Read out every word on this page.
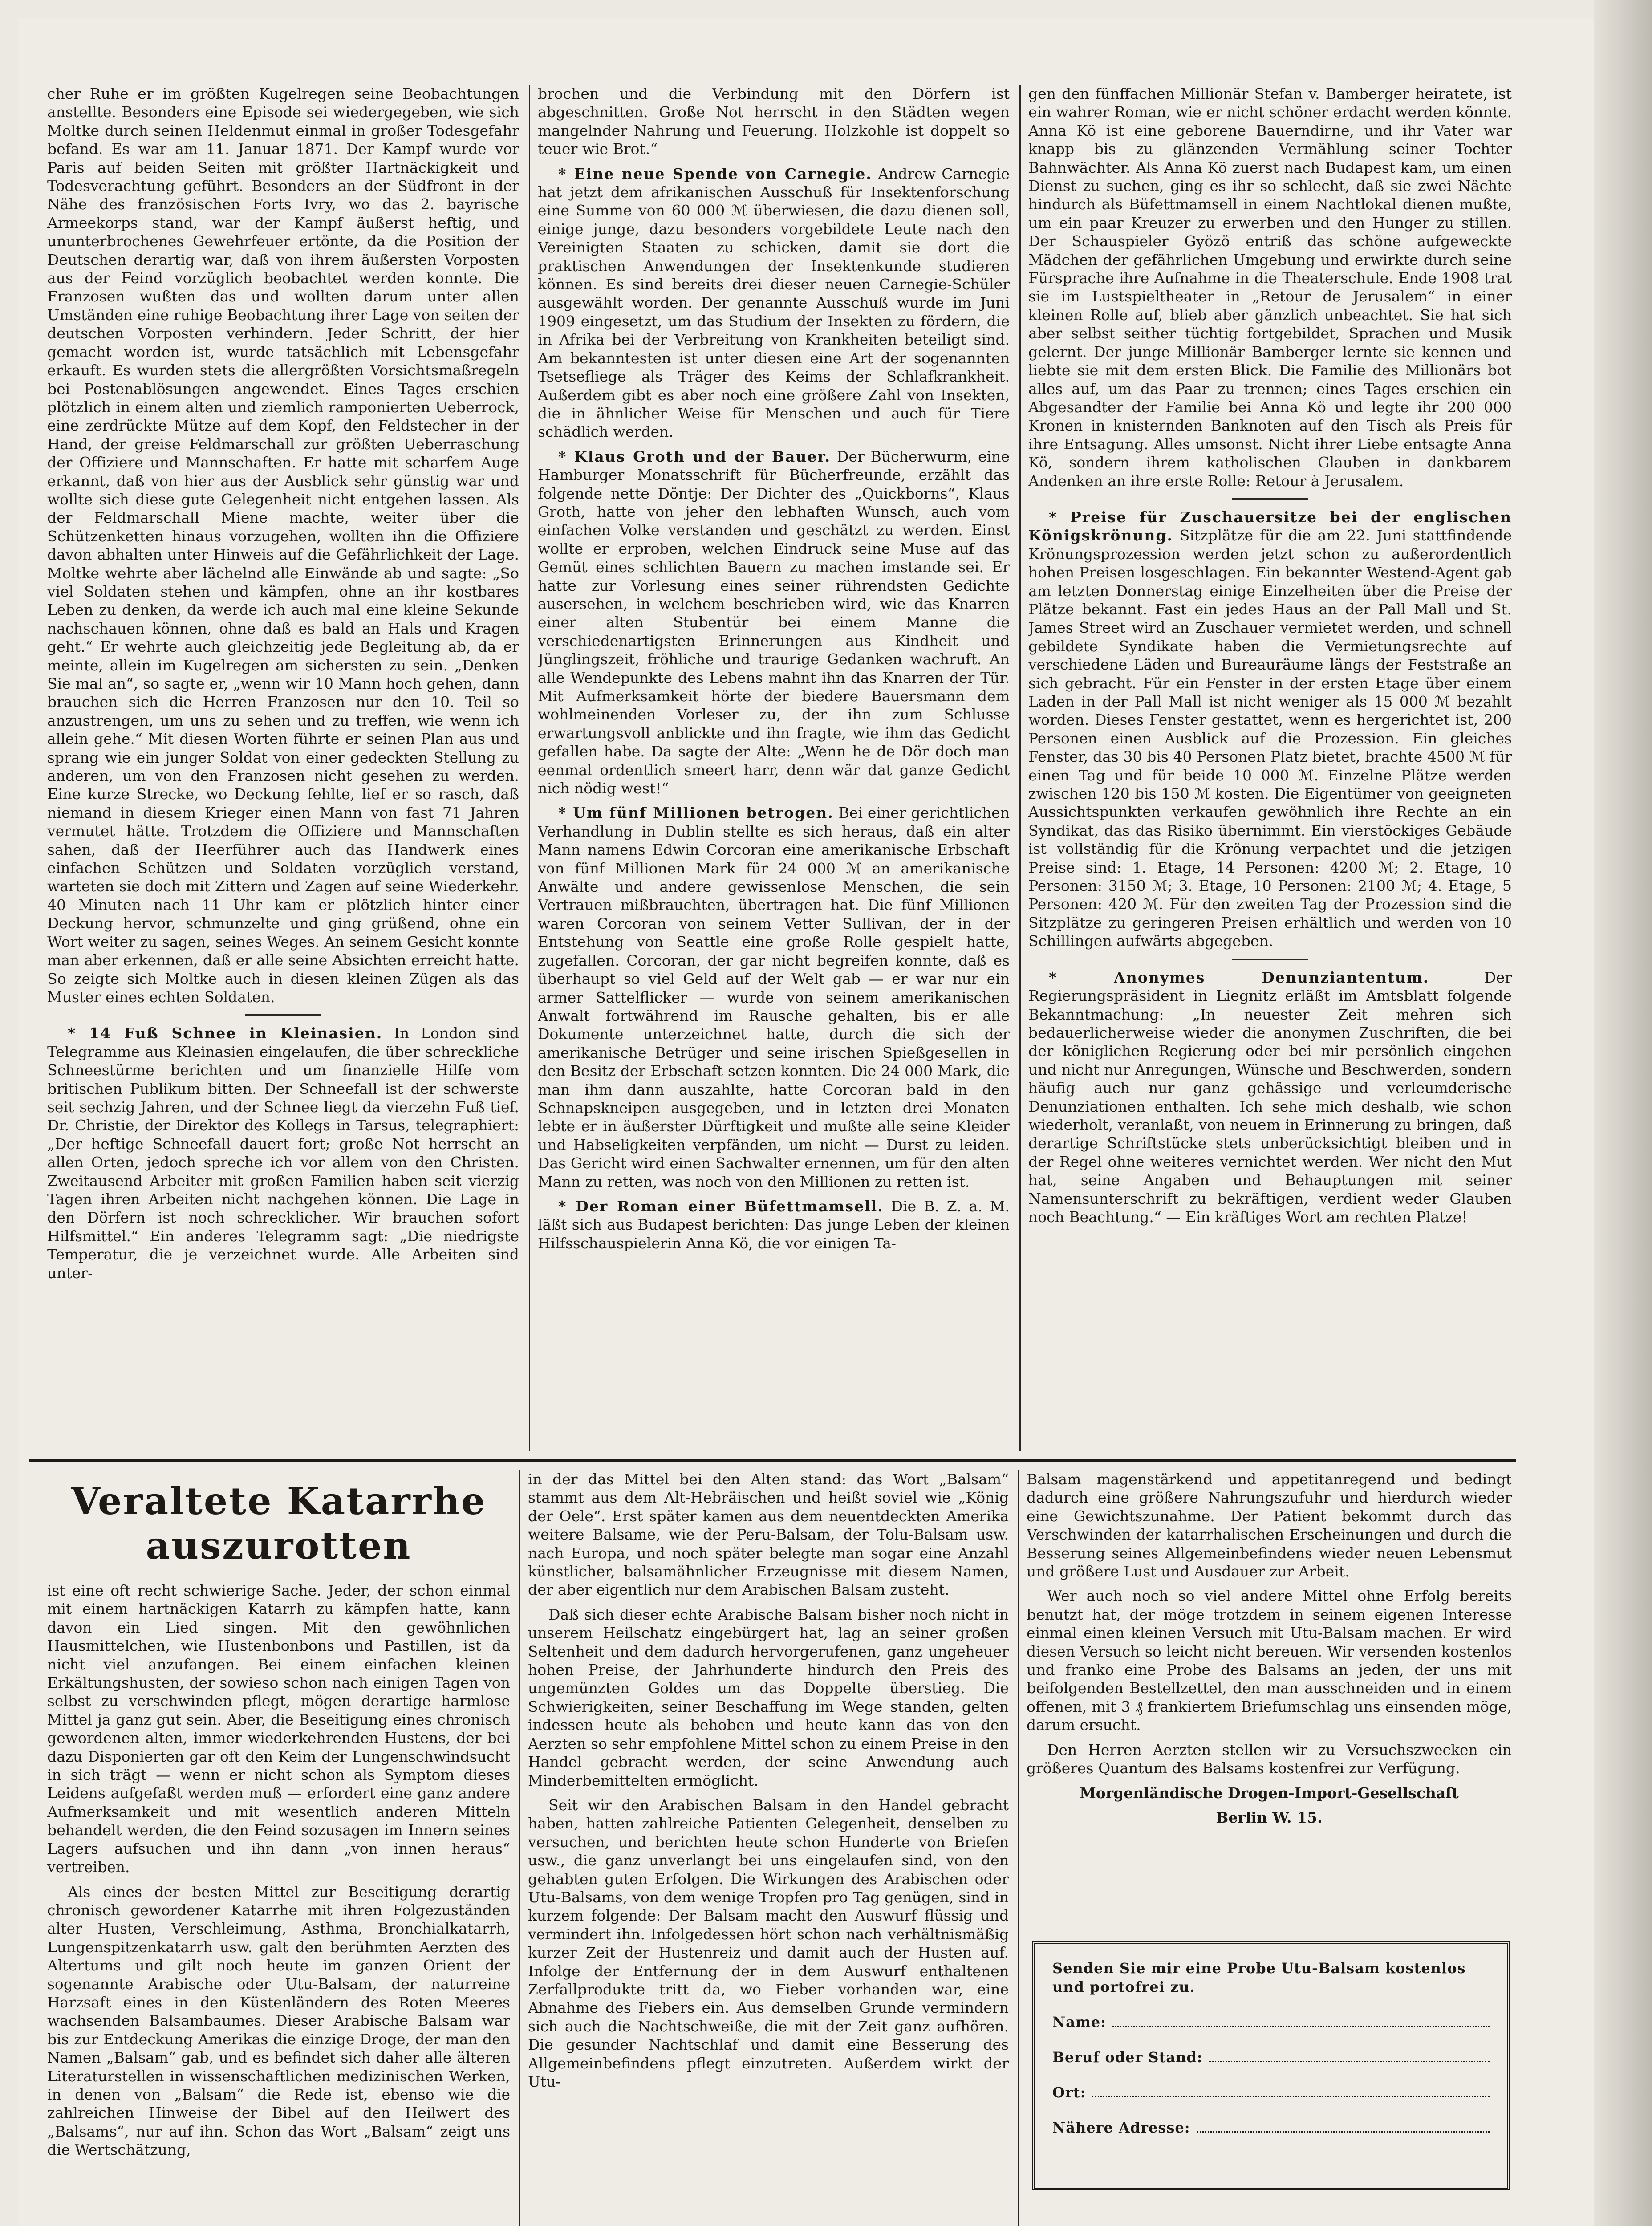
cher Ruhe er im größten Kugelregen seine Beobachtungen anstellte. Besonders eine Episode sei wiedergegeben, wie sich Moltke durch seinen Heldenmut einmal in großer Todesgefahr befand. Es war am 11. Januar 1871. Der Kampf wurde vor Paris auf beiden Seiten mit größter Hartnäckigkeit und Todesverachtung geführt. Besonders an der Südfront in der Nähe des französischen Forts Ivry, wo das 2. bayrische Armeekorps stand, war der Kampf äußerst heftig, und ununterbrochenes Gewehrfeuer ertönte, da die Position der Deutschen derartig war, daß von ihrem äußersten Vorposten aus der Feind vorzüglich beobachtet werden konnte. Die Franzosen wußten das und wollten darum unter allen Umständen eine ruhige Beobachtung ihrer Lage von seiten der deutschen Vorposten verhindern. Jeder Schritt, der hier gemacht worden ist, wurde tatsächlich mit Lebensgefahr erkauft. Es wurden stets die allergrößten Vorsichtsmaßregeln bei Postenablösungen angewendet. Eines Tages erschien plötzlich in einem alten und ziemlich ramponierten Ueberrock, eine zerdrückte Mütze auf dem Kopf, den Feldstecher in der Hand, der greise Feldmarschall zur größten Ueberraschung der Offiziere und Mannschaften. Er hatte mit scharfem Auge erkannt, daß von hier aus der Ausblick sehr günstig war und wollte sich diese gute Gelegenheit nicht entgehen lassen. Als der Feldmarschall Miene machte, weiter über die Schützenketten hinaus vorzugehen, wollten ihn die Offiziere davon abhalten unter Hinweis auf die Gefährlichkeit der Lage. Moltke wehrte aber lächelnd alle Einwände ab und sagte: „So viel Soldaten stehen und kämpfen, ohne an ihr kostbares Leben zu denken, da werde ich auch mal eine kleine Sekunde nachschauen können, ohne daß es bald an Hals und Kragen geht.“ Er wehrte auch gleichzeitig jede Begleitung ab, da er meinte, allein im Kugelregen am sichersten zu sein. „Denken Sie mal an“, so sagte er, „wenn wir 10 Mann hoch gehen, dann brauchen sich die Herren Franzosen nur den 10. Teil so anzustrengen, um uns zu sehen und zu treffen, wie wenn ich allein gehe.“ Mit diesen Worten führte er seinen Plan aus und sprang wie ein junger Soldat von einer gedeckten Stellung zu anderen, um von den Franzosen nicht gesehen zu werden. Eine kurze Strecke, wo Deckung fehlte, lief er so rasch, daß niemand in diesem Krieger einen Mann von fast 71 Jahren vermutet hätte. Trotzdem die Offiziere und Mannschaften sahen, daß der Heerführer auch das Handwerk eines einfachen Schützen und Soldaten vorzüglich verstand, warteten sie doch mit Zittern und Zagen auf seine Wiederkehr. 40 Minuten nach 11 Uhr kam er plötzlich hinter einer Deckung hervor, schmunzelte und ging grüßend, ohne ein Wort weiter zu sagen, seines Weges. An seinem Gesicht konnte man aber erkennen, daß er alle seine Absichten erreicht hatte. So zeigte sich Moltke auch in diesen kleinen Zügen als das Muster eines echten Soldaten.

* 14 Fuß Schnee in Kleinasien. In London sind Telegramme aus Kleinasien eingelaufen, die über schreckliche Schneestürme berichten und um finanzielle Hilfe vom britischen Publikum bitten. Der Schneefall ist der schwerste seit sechzig Jahren, und der Schnee liegt da vierzehn Fuß tief. Dr. Christie, der Direktor des Kollegs in Tarsus, telegraphiert: „Der heftige Schneefall dauert fort; große Not herrscht an allen Orten, jedoch spreche ich vor allem von den Christen. Zweitausend Arbeiter mit großen Familien haben seit vierzig Tagen ihren Arbeiten nicht nachgehen können. Die Lage in den Dörfern ist noch schrecklicher. Wir brauchen sofort Hilfsmittel.“ Ein anderes Telegramm sagt: „Die niedrigste Temperatur, die je verzeichnet wurde. Alle Arbeiten sind unter-

brochen und die Verbindung mit den Dörfern ist abgeschnitten. Große Not herrscht in den Städten wegen mangelnder Nahrung und Feuerung. Holzkohle ist doppelt so teuer wie Brot.“

* Eine neue Spende von Carnegie. Andrew Carnegie hat jetzt dem afrikanischen Ausschuß für Insektenforschung eine Summe von 60 000 ℳ überwiesen, die dazu dienen soll, einige junge, dazu besonders vorgebildete Leute nach den Vereinigten Staaten zu schicken, damit sie dort die praktischen Anwendungen der Insektenkunde studieren können. Es sind bereits drei dieser neuen Carnegie-Schüler ausgewählt worden. Der genannte Ausschuß wurde im Juni 1909 eingesetzt, um das Studium der Insekten zu fördern, die in Afrika bei der Verbreitung von Krankheiten beteiligt sind. Am bekanntesten ist unter diesen eine Art der sogenannten Tsetsefliege als Träger des Keims der Schlafkrankheit. Außerdem gibt es aber noch eine größere Zahl von Insekten, die in ähnlicher Weise für Menschen und auch für Tiere schädlich werden.

* Klaus Groth und der Bauer. Der Bücherwurm, eine Hamburger Monatsschrift für Bücherfreunde, erzählt das folgende nette Döntje: Der Dichter des „Quickborns“, Klaus Groth, hatte von jeher den lebhaften Wunsch, auch vom einfachen Volke verstanden und geschätzt zu werden. Einst wollte er erproben, welchen Eindruck seine Muse auf das Gemüt eines schlichten Bauern zu machen imstande sei. Er hatte zur Vorlesung eines seiner rührendsten Gedichte ausersehen, in welchem beschrieben wird, wie das Knarren einer alten Stubentür bei einem Manne die verschiedenartigsten Erinnerungen aus Kindheit und Jünglingszeit, fröhliche und traurige Gedanken wachruft. An alle Wendepunkte des Lebens mahnt ihn das Knarren der Tür. Mit Aufmerksamkeit hörte der biedere Bauersmann dem wohlmeinenden Vorleser zu, der ihn zum Schlusse erwartungsvoll anblickte und ihn fragte, wie ihm das Gedicht gefallen habe. Da sagte der Alte: „Wenn he de Dör doch man eenmal ordentlich smeert harr, denn wär dat ganze Gedicht nich nödig west!“

* Um fünf Millionen betrogen. Bei einer gerichtlichen Verhandlung in Dublin stellte es sich heraus, daß ein alter Mann namens Edwin Corcoran eine amerikanische Erbschaft von fünf Millionen Mark für 24 000 ℳ an amerikanische Anwälte und andere gewissenlose Menschen, die sein Vertrauen mißbrauchten, übertragen hat. Die fünf Millionen waren Corcoran von seinem Vetter Sullivan, der in der Entstehung von Seattle eine große Rolle gespielt hatte, zugefallen. Corcoran, der gar nicht begreifen konnte, daß es überhaupt so viel Geld auf der Welt gab — er war nur ein armer Sattelflicker — wurde von seinem amerikanischen Anwalt fortwährend im Rausche gehalten, bis er alle Dokumente unterzeichnet hatte, durch die sich der amerikanische Betrüger und seine irischen Spießgesellen in den Besitz der Erbschaft setzen konnten. Die 24 000 Mark, die man ihm dann auszahlte, hatte Corcoran bald in den Schnapskneipen ausgegeben, und in letzten drei Monaten lebte er in äußerster Dürftigkeit und mußte alle seine Kleider und Habseligkeiten verpfänden, um nicht — Durst zu leiden. Das Gericht wird einen Sachwalter ernennen, um für den alten Mann zu retten, was noch von den Millionen zu retten ist.

* Der Roman einer Büfettmamsell. Die B. Z. a. M. läßt sich aus Budapest berichten: Das junge Leben der kleinen Hilfsschauspielerin Anna Kö, die vor einigen Ta-

gen den fünffachen Millionär Stefan v. Bamberger heiratete, ist ein wahrer Roman, wie er nicht schöner erdacht werden könnte. Anna Kö ist eine geborene Bauerndirne, und ihr Vater war knapp bis zu glänzenden Vermählung seiner Tochter Bahnwächter. Als Anna Kö zuerst nach Budapest kam, um einen Dienst zu suchen, ging es ihr so schlecht, daß sie zwei Nächte hindurch als Büfettmamsell in einem Nachtlokal dienen mußte, um ein paar Kreuzer zu erwerben und den Hunger zu stillen. Der Schauspieler Gyözö entriß das schöne aufgeweckte Mädchen der gefährlichen Umgebung und erwirkte durch seine Fürsprache ihre Aufnahme in die Theaterschule. Ende 1908 trat sie im Lustspieltheater in „Retour de Jerusalem“ in einer kleinen Rolle auf, blieb aber gänzlich unbeachtet. Sie hat sich aber selbst seither tüchtig fortgebildet, Sprachen und Musik gelernt. Der junge Millionär Bamberger lernte sie kennen und liebte sie mit dem ersten Blick. Die Familie des Millionärs bot alles auf, um das Paar zu trennen; eines Tages erschien ein Abgesandter der Familie bei Anna Kö und legte ihr 200 000 Kronen in knisternden Banknoten auf den Tisch als Preis für ihre Entsagung. Alles umsonst. Nicht ihrer Liebe entsagte Anna Kö, sondern ihrem katholischen Glauben in dankbarem Andenken an ihre erste Rolle: Retour à Jerusalem.

* Preise für Zuschauersitze bei der englischen Königskrönung. Sitzplätze für die am 22. Juni stattfindende Krönungsprozession werden jetzt schon zu außerordentlich hohen Preisen losgeschlagen. Ein bekannter Westend-Agent gab am letzten Donnerstag einige Einzelheiten über die Preise der Plätze bekannt. Fast ein jedes Haus an der Pall Mall und St. James Street wird an Zuschauer vermietet werden, und schnell gebildete Syndikate haben die Vermietungsrechte auf verschiedene Läden und Bureauräume längs der Feststraße an sich gebracht. Für ein Fenster in der ersten Etage über einem Laden in der Pall Mall ist nicht weniger als 15 000 ℳ bezahlt worden. Dieses Fenster gestattet, wenn es hergerichtet ist, 200 Personen einen Ausblick auf die Prozession. Ein gleiches Fenster, das 30 bis 40 Personen Platz bietet, brachte 4500 ℳ für einen Tag und für beide 10 000 ℳ. Einzelne Plätze werden zwischen 120 bis 150 ℳ kosten. Die Eigentümer von geeigneten Aussichtspunkten verkaufen gewöhnlich ihre Rechte an ein Syndikat, das das Risiko übernimmt. Ein vierstöckiges Gebäude ist vollständig für die Krönung verpachtet und die jetzigen Preise sind: 1. Etage, 14 Personen: 4200 ℳ; 2. Etage, 10 Personen: 3150 ℳ; 3. Etage, 10 Personen: 2100 ℳ; 4. Etage, 5 Personen: 420 ℳ. Für den zweiten Tag der Prozession sind die Sitzplätze zu geringeren Preisen erhältlich und werden von 10 Schillingen aufwärts abgegeben.

* Anonymes Denunziantentum.	Der Regierungspräsident in Liegnitz erläßt im Amtsblatt folgende Bekanntmachung: „In neuester Zeit mehren sich bedauerlicherweise wieder die anonymen Zuschriften, die bei der königlichen Regierung oder bei mir persönlich eingehen und nicht nur Anregungen, Wünsche und Beschwerden, sondern häufig auch nur ganz gehässige und verleumderische Denunziationen enthalten. Ich sehe mich deshalb, wie schon wiederholt, veranlaßt, von neuem in Erinnerung zu bringen, daß derartige Schriftstücke stets unberücksichtigt bleiben und in der Regel ohne weiteres vernichtet werden. Wer nicht den Mut hat, seine Angaben und Behauptungen mit seiner Namensunterschrift zu bekräftigen, verdient weder Glauben noch Beachtung.“ — Ein kräftiges Wort am rechten Platze!

Veraltete Katarrhe auszurotten

ist eine oft recht schwierige Sache. Jeder, der schon einmal mit einem hartnäckigen Katarrh zu kämpfen hatte, kann davon ein Lied singen. Mit den gewöhnlichen Hausmittelchen, wie Hustenbonbons und Pastillen, ist da nicht viel anzufangen. Bei einem einfachen kleinen Erkältungshusten, der sowieso schon nach einigen Tagen von selbst zu verschwinden pflegt, mögen derartige harmlose Mittel ja ganz gut sein. Aber, die Beseitigung eines chronisch gewordenen alten, immer wiederkehrenden Hustens, der bei dazu Disponierten gar oft den Keim der Lungenschwindsucht in sich trägt — wenn er nicht schon als Symptom dieses Leidens aufgefaßt werden muß — erfordert eine ganz andere Aufmerksamkeit und mit wesentlich anderen Mitteln behandelt werden, die den Feind sozusagen im Innern seines Lagers aufsuchen und ihn dann „von innen heraus“ vertreiben.

Als eines der besten Mittel zur Beseitigung derartig chronisch gewordener Katarrhe mit ihren Folgezuständen alter Husten, Verschleimung, Asthma, Bronchialkatarrh, Lungenspitzenkatarrh usw. galt den berühmten Aerzten des Altertums und gilt noch heute im ganzen Orient der sogenannte Arabische oder Utu-Balsam, der naturreine Harzsaft eines in den Küstenländern des Roten Meeres wachsenden Balsambaumes. Dieser Arabische Balsam war bis zur Entdeckung Amerikas die einzige Droge, der man den Namen „Balsam“ gab, und es befindet sich daher alle älteren Literaturstellen in wissenschaftlichen medizinischen Werken, in denen von „Balsam“ die Rede ist, ebenso wie die zahlreichen Hinweise der Bibel auf den Heilwert des „Balsams“, nur auf ihn. Schon das Wort „Balsam“ zeigt uns die Wertschätzung,

in der das Mittel bei den Alten stand: das Wort „Balsam“ stammt aus dem Alt-Hebräischen und heißt soviel wie „König der Oele“. Erst später kamen aus dem neuentdeckten Amerika weitere Balsame, wie der Peru-Balsam, der Tolu-Balsam usw. nach Europa, und noch später belegte man sogar eine Anzahl künstlicher, balsamähnlicher Erzeugnisse mit diesem Namen, der aber eigentlich nur dem Arabischen Balsam zusteht.

Daß sich dieser echte Arabische Balsam bisher noch nicht in unserem Heilschatz eingebürgert hat, lag an seiner großen Seltenheit und dem dadurch hervorgerufenen, ganz ungeheuer hohen Preise, der Jahrhunderte hindurch den Preis des ungemünzten Goldes um das Doppelte überstieg. Die Schwierigkeiten, seiner Beschaffung im Wege standen, gelten indessen heute als behoben und heute kann das von den Aerzten so sehr empfohlene Mittel schon zu einem Preise in den Handel gebracht werden, der seine Anwendung auch Minderbemittelten ermöglicht.

Seit wir den Arabischen Balsam in den Handel gebracht haben, hatten zahlreiche Patienten Gelegenheit, denselben zu versuchen, und berichten heute schon Hunderte von Briefen usw., die ganz unverlangt bei uns eingelaufen sind, von den gehabten guten Erfolgen. Die Wirkungen des Arabischen oder Utu-Balsams, von dem wenige Tropfen pro Tag genügen, sind in kurzem folgende: Der Balsam macht den Auswurf flüssig und vermindert ihn. Infolgedessen hört schon nach verhältnismäßig kurzer Zeit der Hustenreiz und damit auch der Husten auf. Infolge der Entfernung der in dem Auswurf enthaltenen Zerfallprodukte tritt da, wo Fieber vorhanden war, eine Abnahme des Fiebers ein. Aus demselben Grunde vermindern sich auch die Nachtschweiße, die mit der Zeit ganz aufhören. Die gesunder Nachtschlaf und damit eine Besserung des Allgemeinbefindens pflegt einzutreten. Außerdem wirkt der Utu-

Balsam magenstärkend und appetitanregend und bedingt dadurch eine größere Nahrungszufuhr und hierdurch wieder eine Gewichtszunahme. Der Patient bekommt durch das Verschwinden der katarrhalischen Erscheinungen und durch die Besserung seines Allgemeinbefindens wieder neuen Lebensmut und größere Lust und Ausdauer zur Arbeit.

Wer auch noch so viel andere Mittel ohne Erfolg bereits benutzt hat, der möge trotzdem in seinem eigenen Interesse einmal einen kleinen Versuch mit Utu-Balsam machen. Er wird diesen Versuch so leicht nicht bereuen. Wir versenden kostenlos und franko eine Probe des Balsams an jeden, der uns mit beifolgenden Bestellzettel, den man ausschneiden und in einem offenen, mit 3 ₰ frankiertem Briefumschlag uns einsenden möge, darum ersucht.

Den Herren Aerzten stellen wir zu Versuchszwecken ein größeres Quantum des Balsams kostenfrei zur Verfügung.

Morgenländische Drogen-Import-Gesellschaft

Berlin W. 15.

Senden Sie mir eine Probe Utu-Balsam kostenlos und portofrei zu.
Name:
Beruf oder Stand:
Ort:
Nähere Adresse:
